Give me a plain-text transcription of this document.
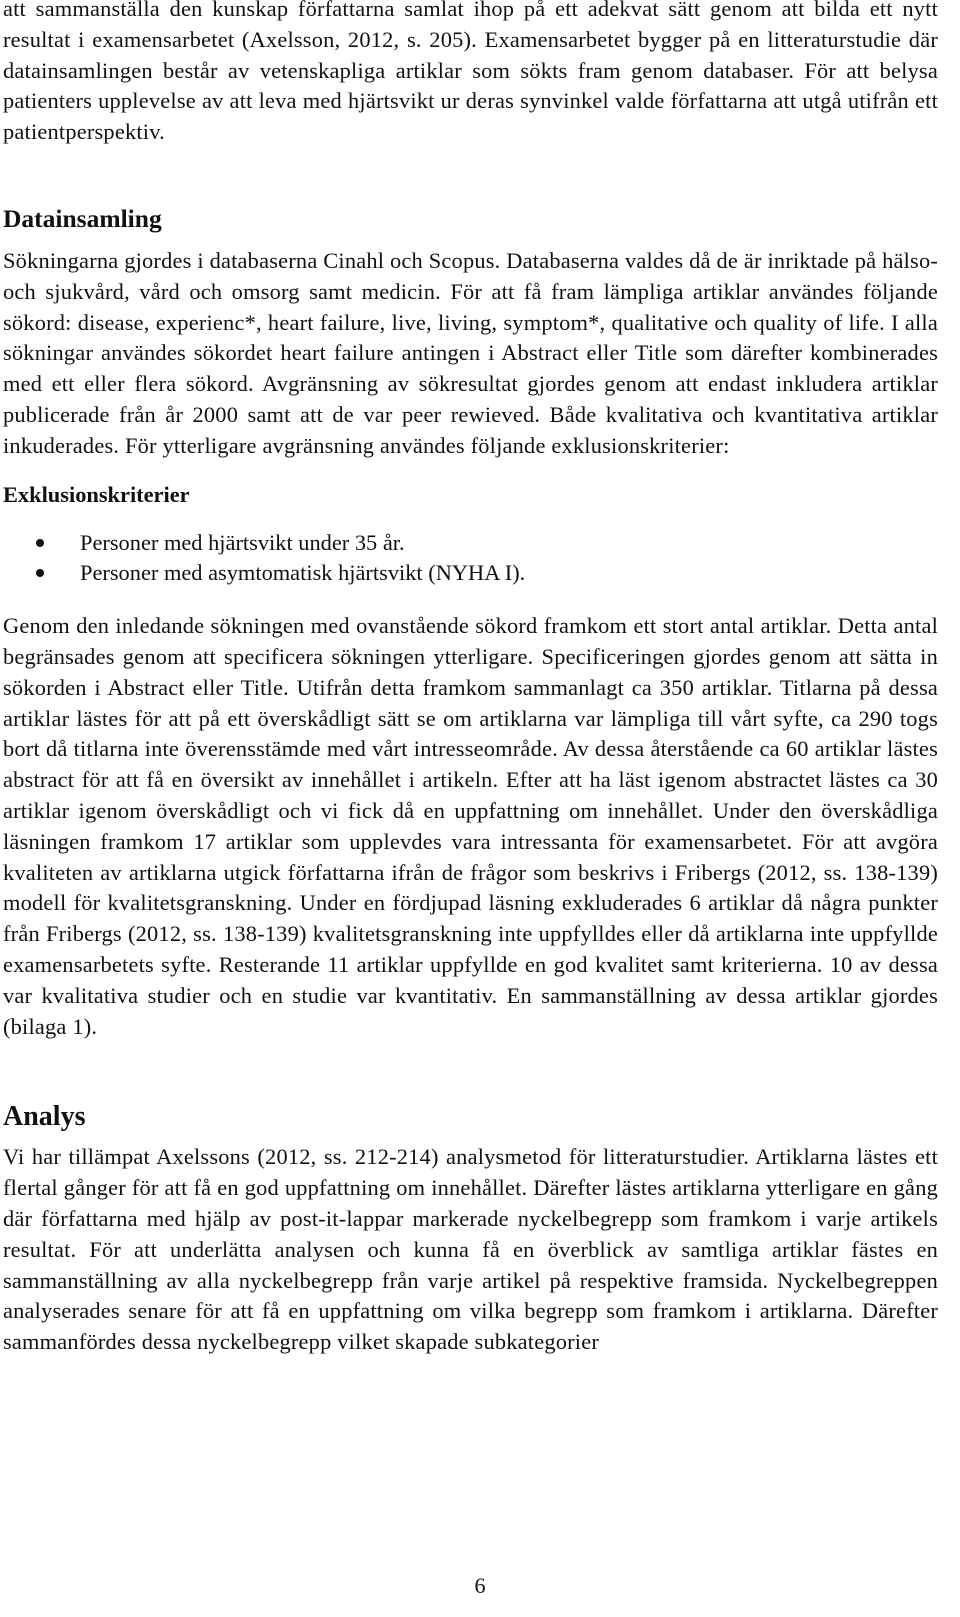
att sammanställa den kunskap författarna samlat ihop på ett adekvat sätt genom att bilda ett nytt resultat i examensarbetet (Axelsson, 2012, s. 205). Examensarbetet bygger på en litteraturstudie där datainsamlingen består av vetenskapliga artiklar som sökts fram genom databaser. För att belysa patienters upplevelse av att leva med hjärtsvikt ur deras synvinkel valde författarna att utgå utifrån ett patientperspektiv.

Datainsamling

Sökningarna gjordes i databaserna Cinahl och Scopus. Databaserna valdes då de är inriktade på hälso- och sjukvård, vård och omsorg samt medicin. För att få fram lämpliga artiklar användes följande sökord: disease, experienc*, heart failure, live, living, symptom*, qualitative och quality of life. I alla sökningar användes sökordet heart failure antingen i Abstract eller Title som därefter kombinerades med ett eller flera sökord. Avgränsning av sökresultat gjordes genom att endast inkludera artiklar publicerade från år 2000 samt att de var peer rewieved. Både kvalitativa och kvantitativa artiklar inkuderades. För ytterligare avgränsning användes följande exklusionskriterier:

Exklusionskriterier
Personer med hjärtsvikt under 35 år.
Personer med asymtomatisk hjärtsvikt (NYHA I).

Genom den inledande sökningen med ovanstående sökord framkom ett stort antal artiklar. Detta antal begränsades genom att specificera sökningen ytterligare. Specificeringen gjordes genom att sätta in sökorden i Abstract eller Title. Utifrån detta framkom sammanlagt ca 350 artiklar. Titlarna på dessa artiklar lästes för att på ett överskådligt sätt se om artiklarna var lämpliga till vårt syfte, ca 290 togs bort då titlarna inte överensstämde med vårt intresseområde. Av dessa återstående ca 60 artiklar lästes abstract för att få en översikt av innehållet i artikeln. Efter att ha läst igenom abstractet lästes ca 30 artiklar igenom överskådligt och vi fick då en uppfattning om innehållet. Under den överskådliga läsningen framkom 17 artiklar som upplevdes vara intressanta för examensarbetet. För att avgöra kvaliteten av artiklarna utgick författarna ifrån de frågor som beskrivs i Fribergs (2012, ss. 138-139) modell för kvalitetsgranskning. Under en fördjupad läsning exkluderades 6 artiklar då några punkter från Fribergs (2012, ss. 138-139) kvalitetsgranskning inte uppfylldes eller då artiklarna inte uppfyllde examensarbetets syfte. Resterande 11 artiklar uppfyllde en god kvalitet samt kriterierna. 10 av dessa var kvalitativa studier och en studie var kvantitativ. En sammanställning av dessa artiklar gjordes (bilaga 1).

Analys

Vi har tillämpat Axelssons (2012, ss. 212-214) analysmetod för litteraturstudier. Artiklarna lästes ett flertal gånger för att få en god uppfattning om innehållet. Därefter lästes artiklarna ytterligare en gång där författarna med hjälp av post-it-lappar markerade nyckelbegrepp som framkom i varje artikels resultat. För att underlätta analysen och kunna få en överblick av samtliga artiklar fästes en sammanställning av alla nyckelbegrepp från varje artikel på respektive framsida. Nyckelbegreppen analyserades senare för att få en uppfattning om vilka begrepp som framkom i artiklarna. Därefter sammanfördes dessa nyckelbegrepp vilket skapade subkategorier

6
